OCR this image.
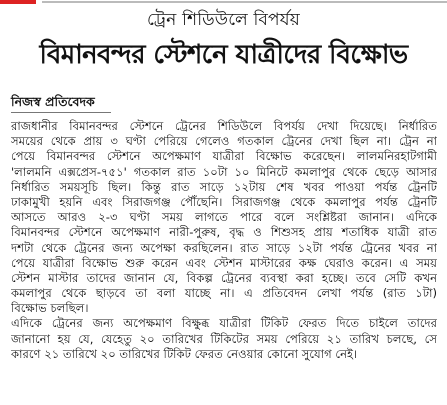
ট্রেন শিডিউলে বিপর্যয়
বিমানবন্দর স্টেশনে যাত্রীদের বিক্ষোভ
নিজস্ব প্রতিবেদক
রাজধানীর বিমানবন্দর স্টেশনে ট্রেনের শিডিউলে বিপর্যয় দেখা দিয়েছে। নির্ধারিত
সময়ের থেকে প্রায় ৩ ঘণ্টা পেরিয়ে গেলেও গতকাল ট্রেনের দেখা ছিল না। ট্রেন না
পেয়ে বিমানবন্দর স্টেশনে অপেক্ষমাণ যাত্রীরা বিক্ষোভ করেছেন। লালমনিরহাটগামী
'লালমনি এক্সপ্রেস-৭৫১' গতকাল রাত ১০টা ১০ মিনিটে কমলাপুর থেকে ছেড়ে আসার
নির্ধারিত সময়সূচি ছিল। কিন্তু রাত সাড়ে ১২টায় শেষ খবর পাওয়া পর্যন্ত ট্রেনটি
ঢাকামুখী হয়নি এবং সিরাজগঞ্জ পৌঁছেনি। সিরাজগঞ্জ থেকে কমলাপুর পর্যন্ত ট্রেনটি
আসতে আরও ২-৩ ঘণ্টা সময় লাগতে পারে বলে সংশ্লিষ্টরা জানান। এদিকে
বিমানবন্দর স্টেশনে অপেক্ষমাণ নারী-পুরুষ, বৃদ্ধ ও শিশুসহ প্রায় শতাধিক যাত্রী রাত
দশটা থেকে ট্রেনের জন্য অপেক্ষা করছিলেন। রাত সাড়ে ১২টা পর্যন্ত ট্রেনের খবর না
পেয়ে যাত্রীরা বিক্ষোভ শুরু করেন এবং স্টেশন মাস্টারের কক্ষ ঘেরাও করেন। এ সময়
স্টেশন মাস্টার তাদের জানান যে, বিকল্প ট্রেনের ব্যবস্থা করা হচ্ছে। তবে সেটি কখন
কমলাপুর থেকে ছাড়বে তা বলা যাচ্ছে না। এ প্রতিবেদন লেখা পর্যন্ত (রাত ১টা)
বিক্ষোভ চলছিল।
এদিকে ট্রেনের জন্য অপেক্ষমাণ বিক্ষুব্ধ যাত্রীরা টিকিট ফেরত দিতে চাইলে তাদের
জানানো হয় যে, যেহেতু ২০ তারিখের টিকিটের সময় পেরিয়ে ২১ তারিখ চলছে, সে
কারণে ২১ তারিখে ২০ তারিখের টিকিট ফেরত নেওয়ার কোনো সুযোগ নেই।
